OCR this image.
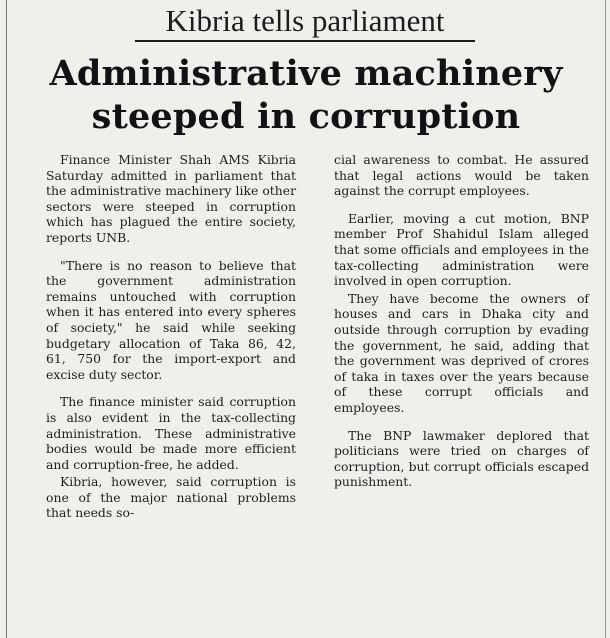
Kibria tells parliament
Administrative machinery
steeped in corruption

Finance Minister Shah AMS Kibria Saturday admitted in parliament that the administrative machinery like other sectors were steeped in corruption which has plagued the entire society, reports UNB.

"There is no reason to believe that the government administration remains untouched with corruption when it has entered into every spheres of society," he said while seeking budgetary allocation of Taka 86, 42, 61, 750 for the import-export and excise duty sector.

The finance minister said corruption is also evident in the tax-collecting administration. These administrative bodies would be made more efficient and corruption-free, he added.

Kibria, however, said corruption is one of the major national problems that needs so-

cial awareness to combat. He assured that legal actions would be taken against the corrupt employees.

Earlier, moving a cut motion, BNP member Prof Shahidul Islam alleged that some officials and employees in the tax-collecting administration were involved in open corruption.

They have become the owners of houses and cars in Dhaka city and outside through corruption by evading the government, he said, adding that the government was deprived of crores of taka in taxes over the years because of these corrupt officials and employees.

The BNP lawmaker deplored that politicians were tried on charges of corruption, but corrupt officials escaped punishment.
